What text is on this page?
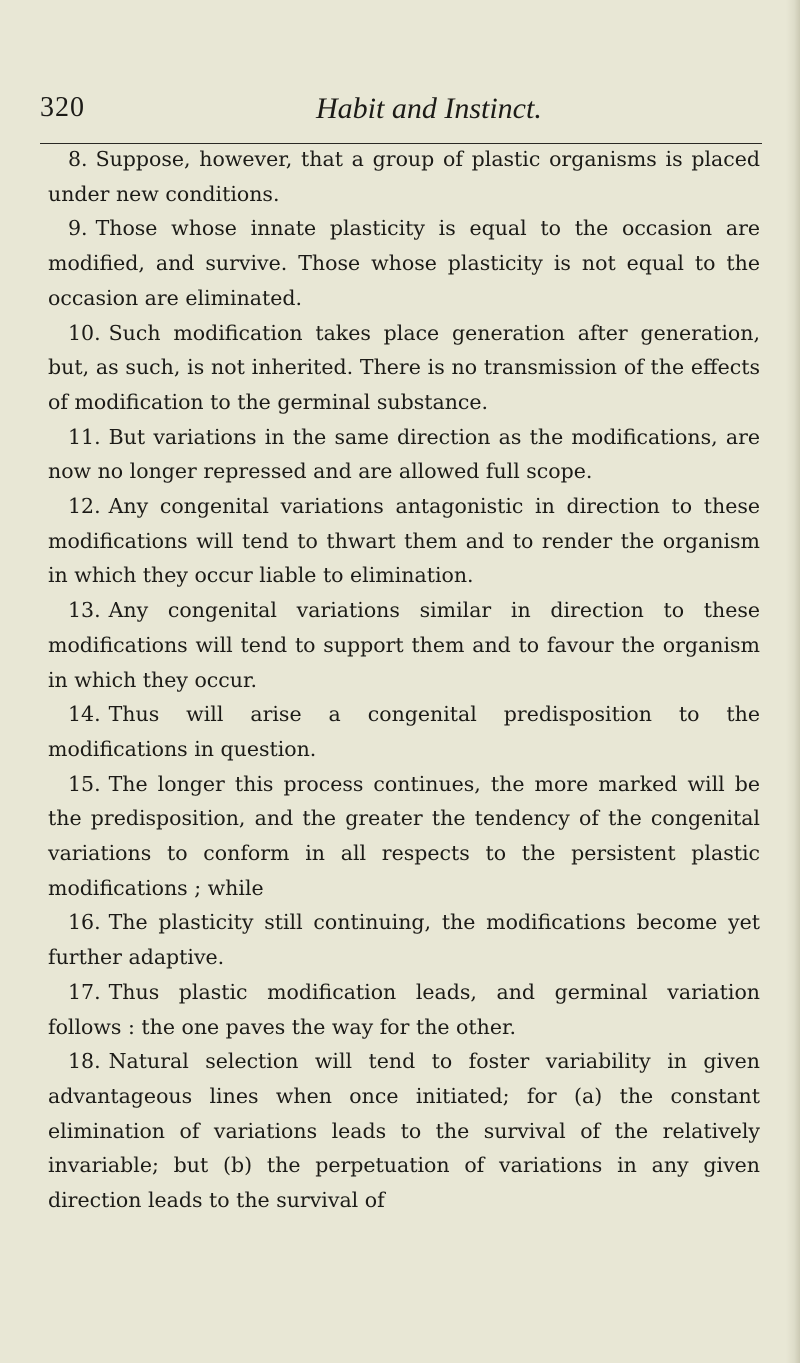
320	Habit and Instinct.

8. Suppose, however, that a group of plastic organisms is placed under new conditions.

9. Those whose innate plasticity is equal to the occasion are modified, and survive. Those whose plasticity is not equal to the occasion are eliminated.

10. Such modification takes place generation after generation, but, as such, is not inherited. There is no transmission of the effects of modification to the germinal substance.

11. But variations in the same direction as the modifications, are now no longer repressed and are allowed full scope.

12. Any congenital variations antagonistic in direction to these modifications will tend to thwart them and to render the organism in which they occur liable to elimination.

13. Any congenital variations similar in direction to these modifications will tend to support them and to favour the organism in which they occur.

14. Thus will arise a congenital predisposition to the modifications in question.

15. The longer this process continues, the more marked will be the predisposition, and the greater the tendency of the congenital variations to conform in all respects to the persistent plastic modifications ; while

16. The plasticity still continuing, the modifications become yet further adaptive.

17. Thus plastic modification leads, and germinal variation follows : the one paves the way for the other.

18. Natural selection will tend to foster variability in given advantageous lines when once initiated; for (a) the constant elimination of variations leads to the survival of the relatively invariable; but (b) the perpetuation of variations in any given direction leads to the survival of
